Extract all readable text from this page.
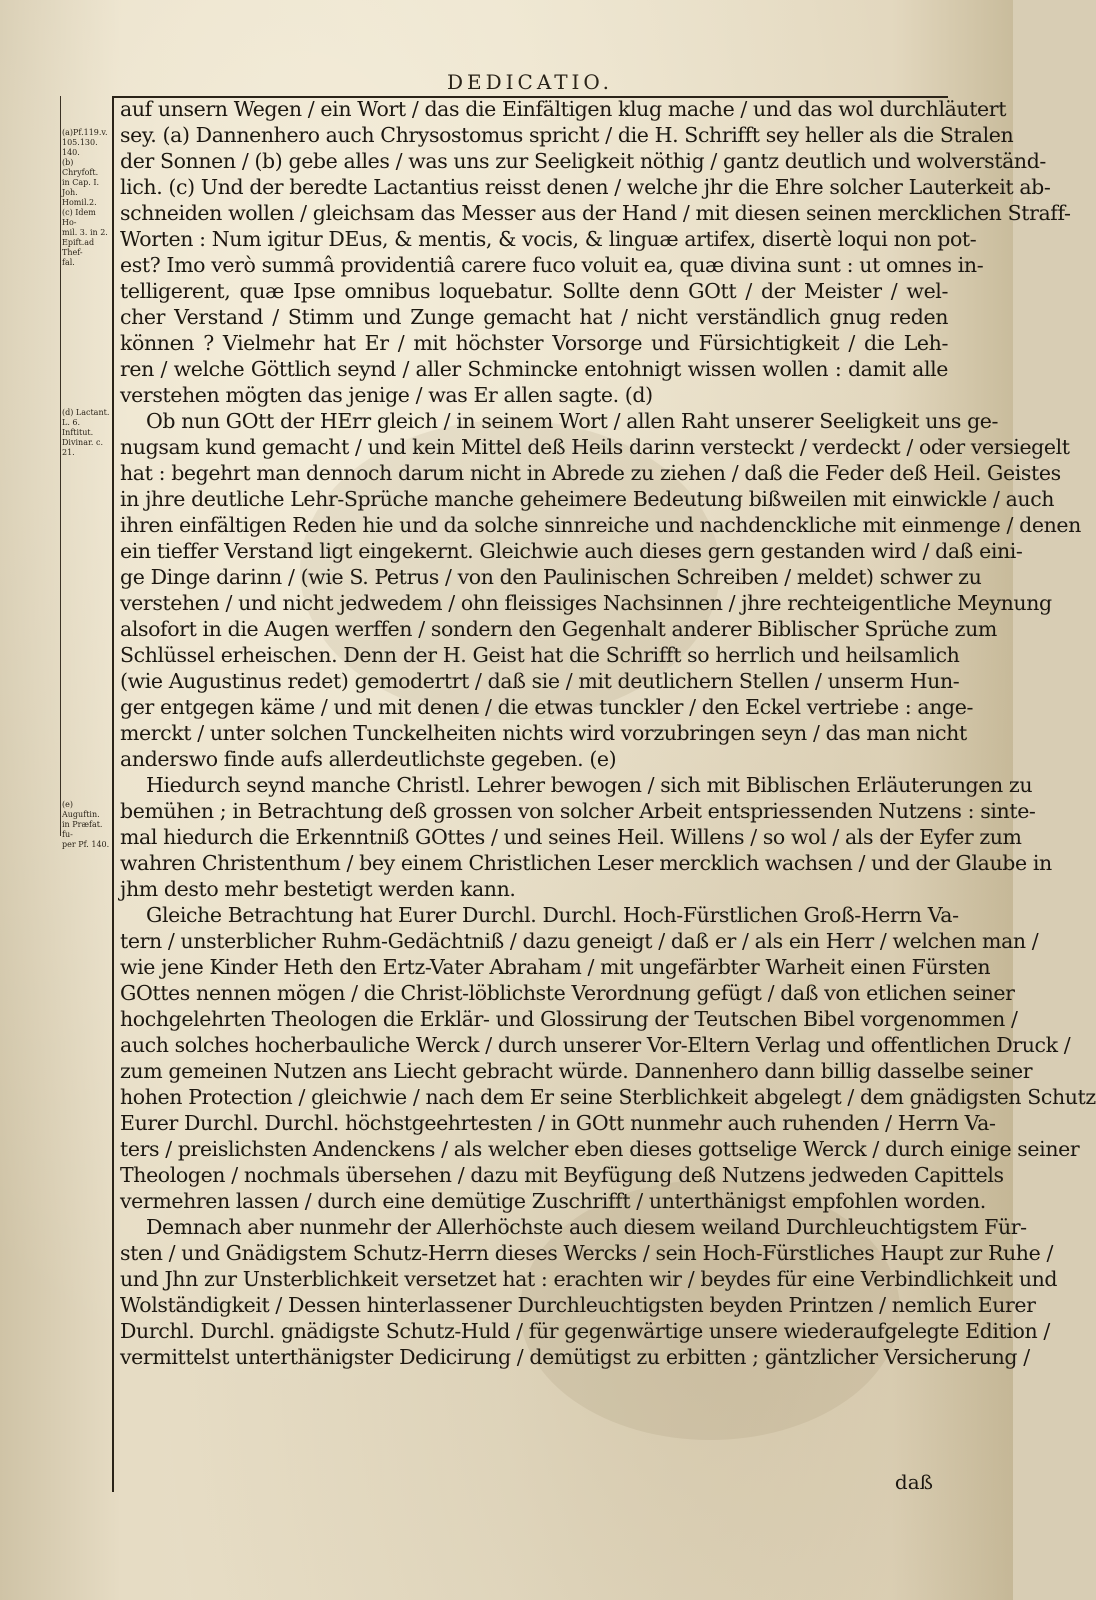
DEDICATIO.
(a)Pf.119.v.
105.130.
140.
(b) Chryfoft.
in Cap. I.
Joh. Homil.2.
(c) Idem Ho-
mil. 3. in 2.
Epift.ad Thef-
fal.
(d) Lactant.
L. 6. Inftitut.
Divinar. c. 21.
(e) Auguftin.
in Præfat. fu-
per Pf. 140.
auf unsern Wegen / ein Wort / das die Einfältigen klug mache / und das wol durchläutert
sey. (a) Dannenhero auch Chrysostomus spricht / die H. Schrifft sey heller als die Stralen
der Sonnen / (b) gebe alles / was uns zur Seeligkeit nöthig / gantz deutlich und wolverständ-
lich. (c) Und der beredte Lactantius reisst denen / welche jhr die Ehre solcher Lauterkeit ab-
schneiden wollen / gleichsam das Messer aus der Hand / mit diesen seinen mercklichen Straff-
Worten : Num igitur DEus, & mentis, & vocis, & linguæ artifex, disertè loqui non pot-
est? Imo verò summâ providentiâ carere fuco voluit ea, quæ divina sunt : ut omnes in-
telligerent, quæ Ipse omnibus loquebatur. Sollte denn GOtt / der Meister / wel-
cher Verstand / Stimm und Zunge gemacht hat / nicht verständlich gnug reden
können ? Vielmehr hat Er / mit höchster Vorsorge und Fürsichtigkeit / die Leh-
ren / welche Göttlich seynd / aller Schmincke entohnigt wissen wollen : damit alle
verstehen mögten das jenige / was Er allen sagte. (d)
Ob nun GOtt der HErr gleich / in seinem Wort / allen Raht unserer Seeligkeit uns ge-
nugsam kund gemacht / und kein Mittel deß Heils darinn versteckt / verdeckt / oder versiegelt
hat : begehrt man dennoch darum nicht in Abrede zu ziehen / daß die Feder deß Heil. Geistes
in jhre deutliche Lehr-Sprüche manche geheimere Bedeutung bißweilen mit einwickle / auch
ihren einfältigen Reden hie und da solche sinnreiche und nachdenckliche mit einmenge / denen
ein tieffer Verstand ligt eingekernt. Gleichwie auch dieses gern gestanden wird / daß eini-
ge Dinge darinn / (wie S. Petrus / von den Paulinischen Schreiben / meldet) schwer zu
verstehen / und nicht jedwedem / ohn fleissiges Nachsinnen / jhre rechteigentliche Meynung
alsofort in die Augen werffen / sondern den Gegenhalt anderer Biblischer Sprüche zum
Schlüssel erheischen. Denn der H. Geist hat die Schrifft so herrlich und heilsamlich
(wie Augustinus redet) gemodertrt / daß sie / mit deutlichern Stellen / unserm Hun-
ger entgegen käme / und mit denen / die etwas tunckler / den Eckel vertriebe : ange-
merckt / unter solchen Tunckelheiten nichts wird vorzubringen seyn / das man nicht
anderswo finde aufs allerdeutlichste gegeben. (e)
Hiedurch seynd manche Christl. Lehrer bewogen / sich mit Biblischen Erläuterungen zu
bemühen ; in Betrachtung deß grossen von solcher Arbeit entspriessenden Nutzens : sinte-
mal hiedurch die Erkenntniß GOttes / und seines Heil. Willens / so wol / als der Eyfer zum
wahren Christenthum / bey einem Christlichen Leser mercklich wachsen / und der Glaube in
jhm desto mehr bestetigt werden kann.
Gleiche Betrachtung hat Eurer Durchl. Durchl. Hoch-Fürstlichen Groß-Herrn Va-
tern / unsterblicher Ruhm-Gedächtniß / dazu geneigt / daß er / als ein Herr / welchen man /
wie jene Kinder Heth den Ertz-Vater Abraham / mit ungefärbter Warheit einen Fürsten
GOttes nennen mögen / die Christ-löblichste Verordnung gefügt / daß von etlichen seiner
hochgelehrten Theologen die Erklär- und Glossirung der Teutschen Bibel vorgenommen /
auch solches hocherbauliche Werck / durch unserer Vor-Eltern Verlag und offentlichen Druck /
zum gemeinen Nutzen ans Liecht gebracht würde. Dannenhero dann billig dasselbe seiner
hohen Protection / gleichwie / nach dem Er seine Sterblichkeit abgelegt / dem gnädigsten Schutz
Eurer Durchl. Durchl. höchstgeehrtesten / in GOtt nunmehr auch ruhenden / Herrn Va-
ters / preislichsten Andenckens / als welcher eben dieses gottselige Werck / durch einige seiner
Theologen / nochmals übersehen / dazu mit Beyfügung deß Nutzens jedweden Capittels
vermehren lassen / durch eine demütige Zuschrifft / unterthänigst empfohlen worden.
Demnach aber nunmehr der Allerhöchste auch diesem weiland Durchleuchtigstem Für-
sten / und Gnädigstem Schutz-Herrn dieses Wercks / sein Hoch-Fürstliches Haupt zur Ruhe /
und Jhn zur Unsterblichkeit versetzet hat : erachten wir / beydes für eine Verbindlichkeit und
Wolständigkeit / Dessen hinterlassener Durchleuchtigsten beyden Printzen / nemlich Eurer
Durchl. Durchl. gnädigste Schutz-Huld / für gegenwärtige unsere wiederaufgelegte Edition /
vermittelst unterthänigster Dedicirung / demütigst zu erbitten ; gäntzlicher Versicherung /
daß
